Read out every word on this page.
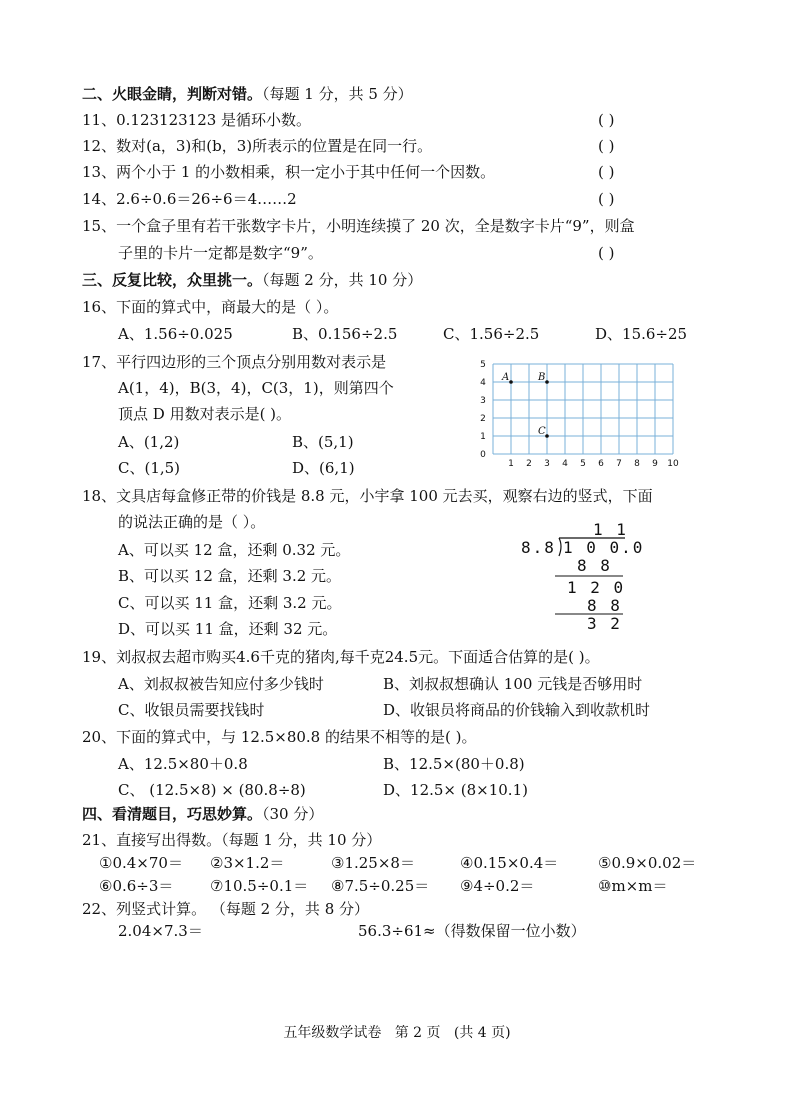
二、火眼金睛，判断对错。（每题 1 分，共 5 分）
11、0.123123123 是循环小数。	( )
12、数对(a，3)和(b，3)所表示的位置是在同一行。	( )
13、两个小于 1 的小数相乘，积一定小于其中任何一个因数。	( )
14、2.6÷0.6＝26÷6＝4……2	( )
15、一个盒子里有若干张数字卡片，小明连续摸了 20 次，全是数字卡片“9”，则盒
子里的卡片一定都是数字“9”。	( )
三、反复比较，众里挑一。（每题 2 分，共 10 分）
16、下面的算式中，商最大的是（ ）。
A、1.56÷0.025	B、0.156÷2.5	C、1.56÷2.5	D、15.6÷25
17、平行四边形的三个顶点分别用数对表示是
A(1，4)，B(3，4)，C(3，1)，则第四个
顶点 D 用数对表示是( )。
A、(1,2)	B、(5,1)
C、(1,5)	D、(6,1)	1 2 3 4 5 6 7 8 9 10
0
1
2
3
4
5
A	B
C
18、文具店每盒修正带的价钱是 8.8 元，小宇拿 100 元去买，观察右边的竖式，下面
的说法正确的是（ ）。
A、可以买 12 盒，还剩 0.32 元。
B、可以买 12 盒，还剩 3.2 元。
C、可以买 11 盒，还剩 3.2 元。
D、可以买 11 盒，还剩 32 元。
1 1
8.8 1 0 0.0
8 8
1 2 0
8 8
3 2
19、刘叔叔去超市购买4.6千克的猪肉,每千克24.5元。下面适合估算的是( )。
A、刘叔叔被告知应付多少钱时	B、刘叔叔想确认 100 元钱是否够用时
C、收银员需要找钱时	D、收银员将商品的价钱输入到收款机时
20、下面的算式中，与 12.5×80.8 的结果不相等的是( )。
A、12.5×80＋0.8	B、12.5×(80＋0.8)
C、 (12.5×8) × (80.8÷8)	D、12.5× (8×10.1)
四、看清题目，巧思妙算。（30 分）
21、直接写出得数。（每题 1 分，共 10 分）
①0.4×70＝ ②3×1.2＝	③1.25×8＝	④0.15×0.4＝	⑤0.9×0.02＝
⑥0.6÷3＝ ⑦10.5÷0.1＝ ⑧7.5÷0.25＝ ⑨4÷0.2＝	⑩m×m＝
22、列竖式计算。 （每题 2 分，共 8 分）
2.04×7.3＝	56.3÷61≈（得数保留一位小数）
五年级数学试卷   第 2 页   (共 4 页)
